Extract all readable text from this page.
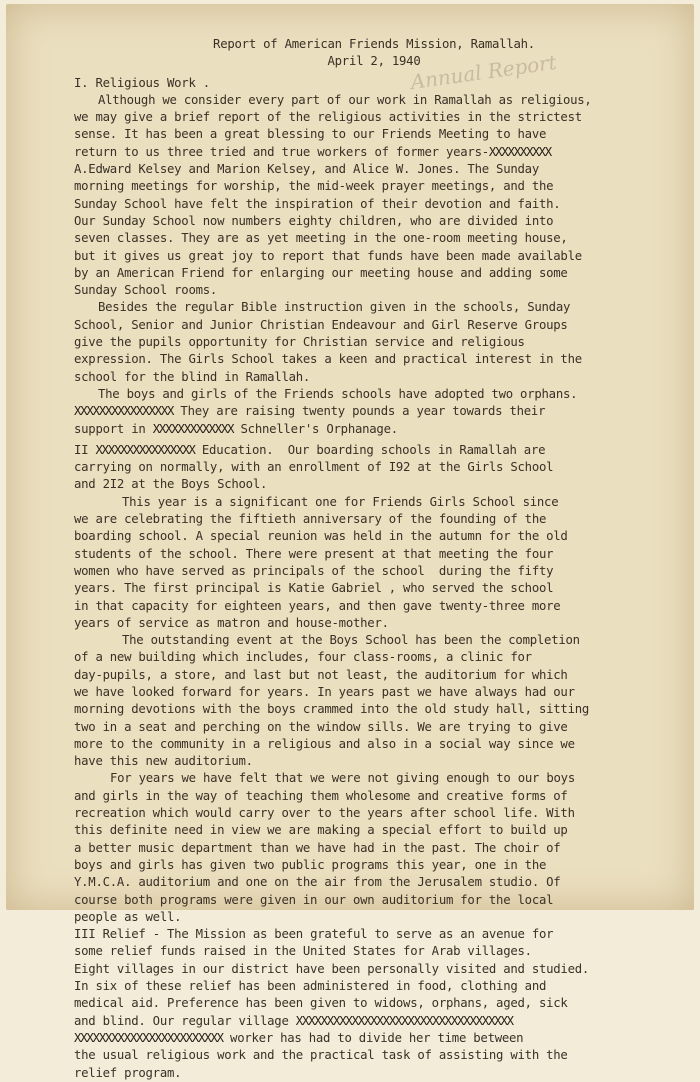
Annual Report
Report of American Friends Mission, Ramallah.
April 2, 1940
I. Religious Work .
Although we consider every part of our work in Ramallah as religious,
we may give a brief report of the religious activities in the strictest
sense. It has been a great blessing to our Friends Meeting to have
return to us three tried and true workers of former years-XXXXXXXXXX
A.Edward Kelsey and Marion Kelsey, and Alice W. Jones. The Sunday
morning meetings for worship, the mid-week prayer meetings, and the
Sunday School have felt the inspiration of their devotion and faith.
Our Sunday School now numbers eighty children, who are divided into
seven classes. They are as yet meeting in the one-room meeting house,
but it gives us great joy to report that funds have been made available
by an American Friend for enlarging our meeting house and adding some
Sunday School rooms.
Besides the regular Bible instruction given in the schools, Sunday
School, Senior and Junior Christian Endeavour and Girl Reserve Groups
give the pupils opportunity for Christian service and religious
expression. The Girls School takes a keen and practical interest in the
school for the blind in Ramallah.
The boys and girls of the Friends schools have adopted two orphans.
XXXXXXXXXXXXXXXX They are raising twenty pounds a year towards their
support in XXXXXXXXXXXXX Schneller's Orphanage.
II XXXXXXXXXXXXXXXX Education.  Our boarding schools in Ramallah are
carrying on normally, with an enrollment of I92 at the Girls School
and 2I2 at the Boys School.
This year is a significant one for Friends Girls School since
we are celebrating the fiftieth anniversary of the founding of the
boarding school. A special reunion was held in the autumn for the old
students of the school. There were present at that meeting the four
women who have served as principals of the school  during the fifty
years. The first principal is Katie Gabriel , who served the school
in that capacity for eighteen years, and then gave twenty-three more
years of service as matron and house-mother.
The outstanding event at the Boys School has been the completion
of a new building which includes, four class-rooms, a clinic for
day-pupils, a store, and last but not least, the auditorium for which
we have looked forward for years. In years past we have always had our
morning devotions with the boys crammed into the old study hall, sitting
two in a seat and perching on the window sills. We are trying to give
more to the community in a religious and also in a social way since we
have this new auditorium.
For years we have felt that we were not giving enough to our boys
and girls in the way of teaching them wholesome and creative forms of
recreation which would carry over to the years after school life. With
this definite need in view we are making a special effort to build up
a better music department than we have had in the past. The choir of
boys and girls has given two public programs this year, one in the
Y.M.C.A. auditorium and one on the air from the Jerusalem studio. Of
course both programs were given in our own auditorium for the local
people as well.
III Relief - The Mission as been grateful to serve as an avenue for
some relief funds raised in the United States for Arab villages.
Eight villages in our district have been personally visited and studied.
In six of these relief has been administered in food, clothing and
medical aid. Preference has been given to widows, orphans, aged, sick
and blind. Our regular village XXXXXXXXXXXXXXXXXXXXXXXXXXXXXXXXXXX
XXXXXXXXXXXXXXXXXXXXXXXX worker has had to divide her time between
the usual religious work and the practical task of assisting with the
relief program.
